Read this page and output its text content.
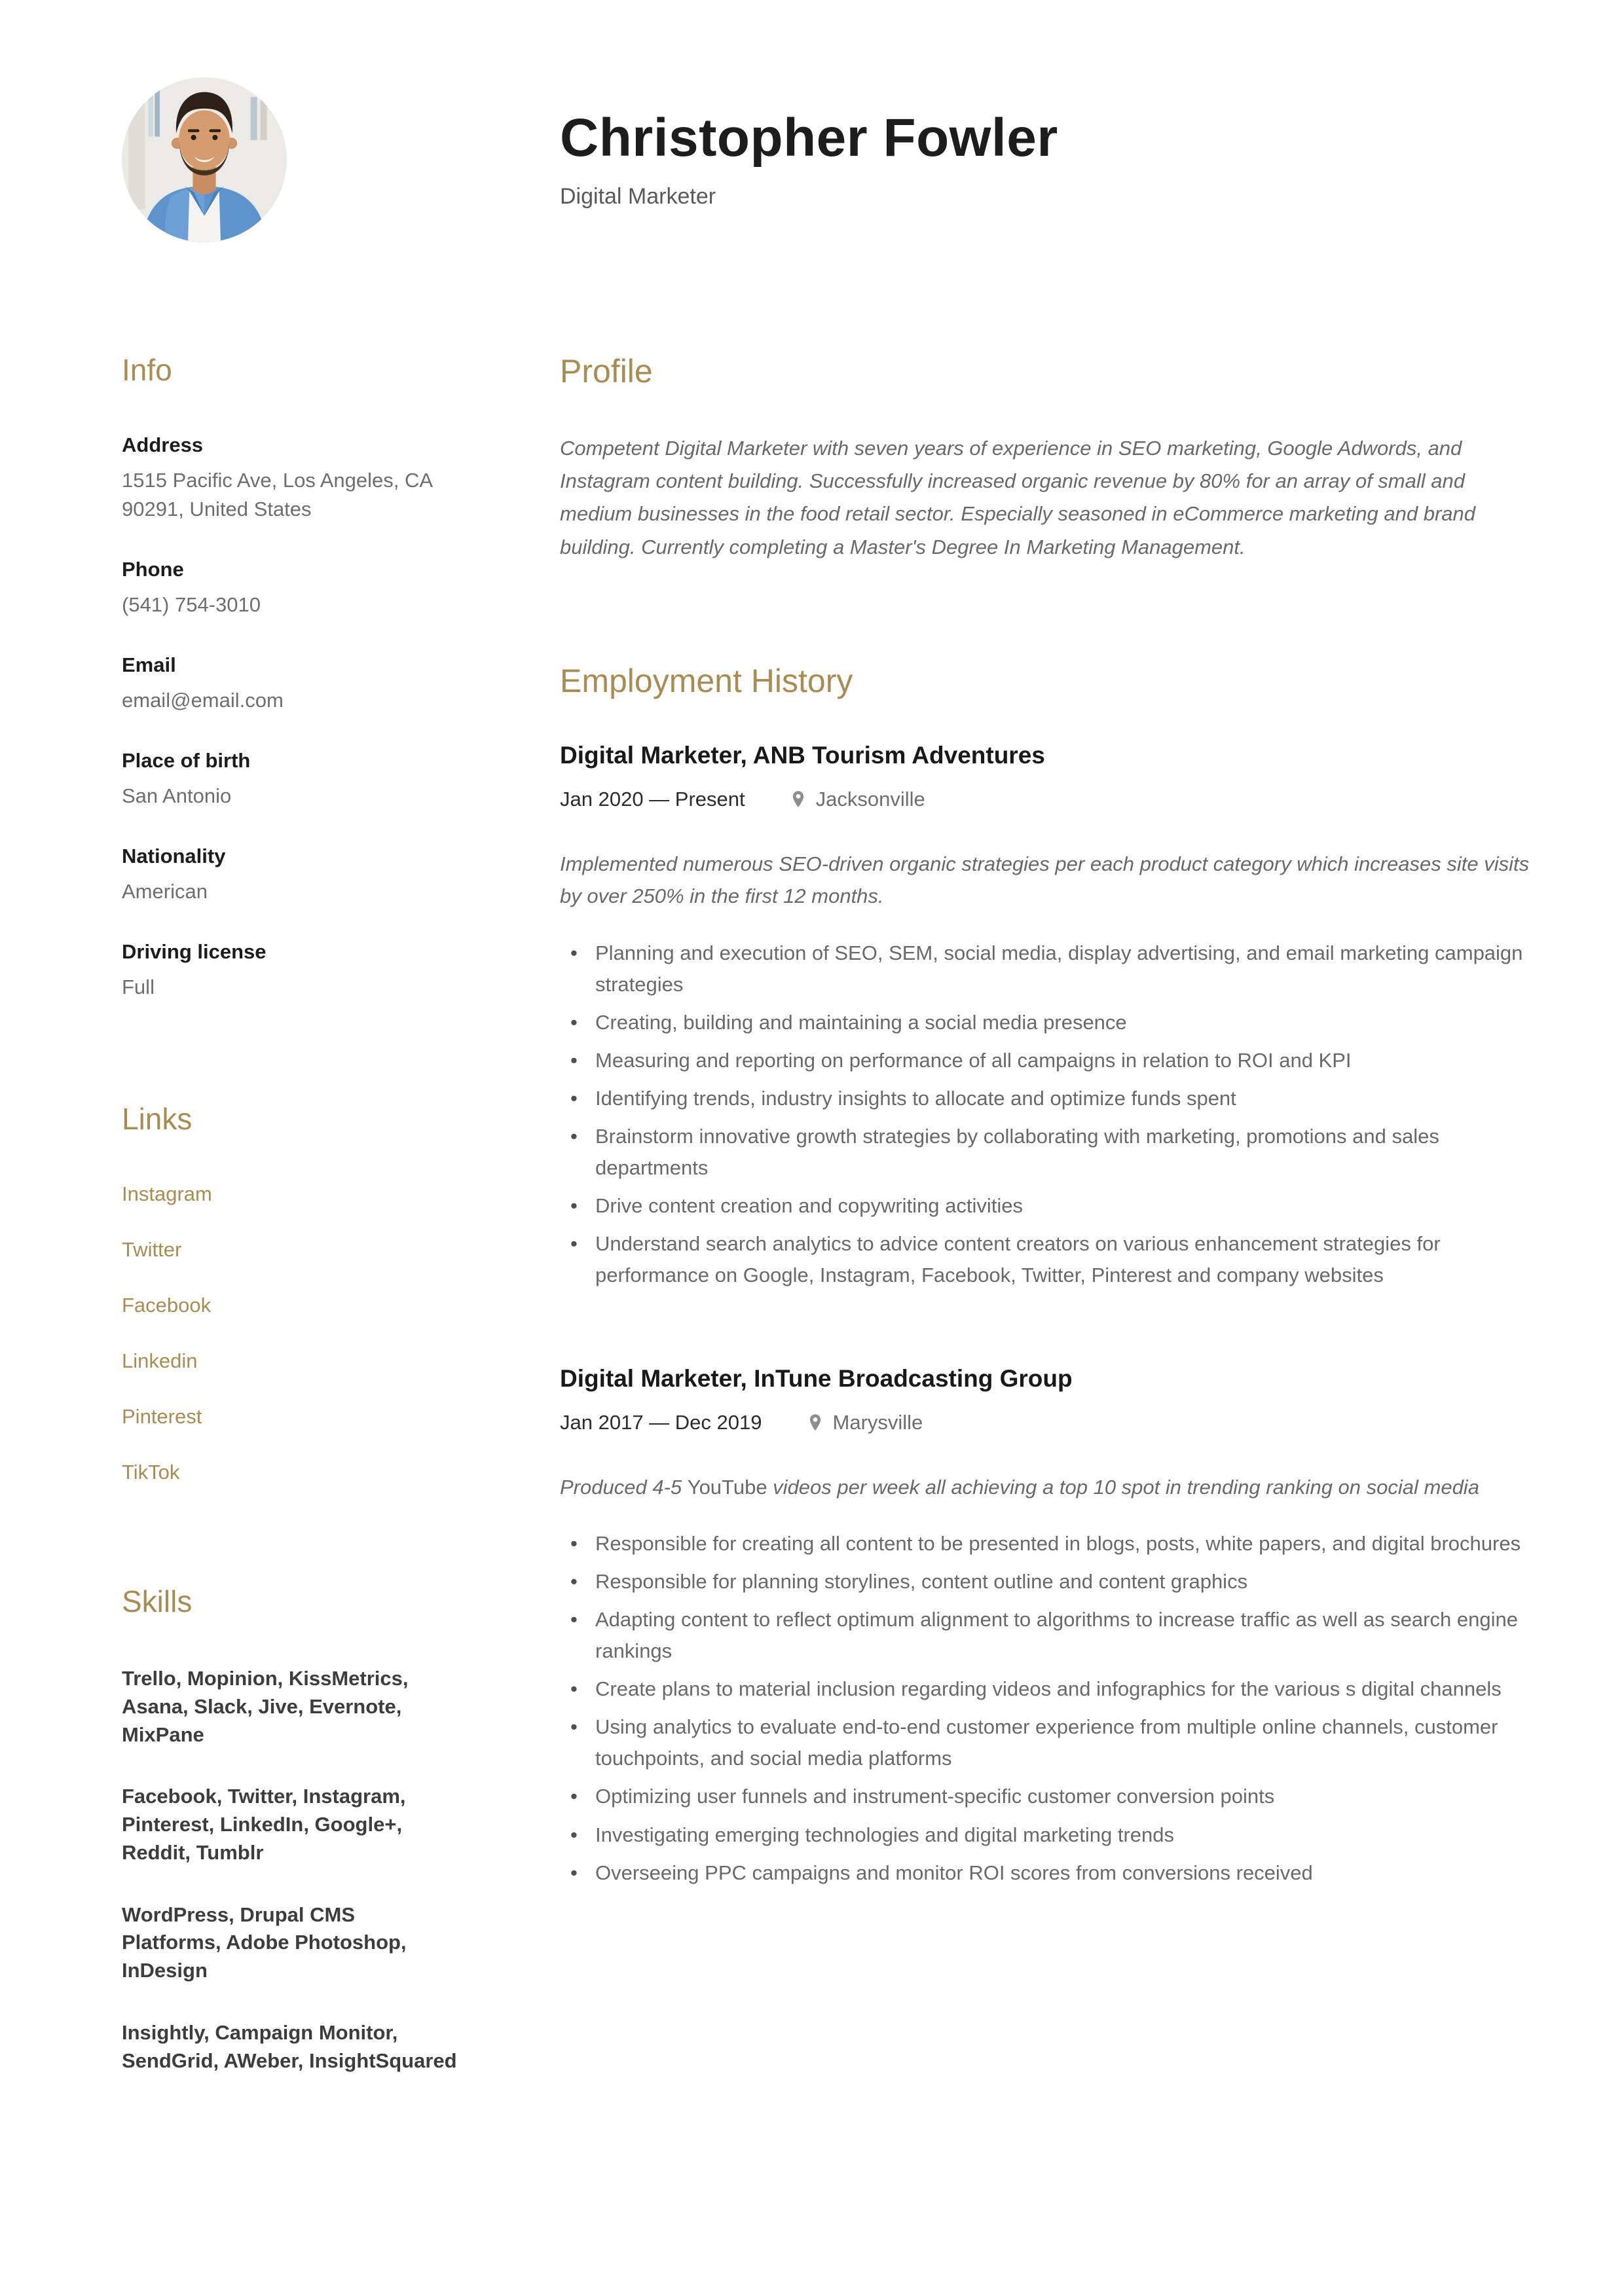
Christopher Fowler
Digital Marketer
Info
Address
1515 Pacific Ave, Los Angeles, CA 90291, United States
Phone
(541) 754-3010
Email
email@email.com
Place of birth
San Antonio
Nationality
American
Driving license
Full
Links
Instagram
Twitter
Facebook
Linkedin
Pinterest
TikTok
Skills
Trello, Mopinion, KissMetrics, Asana, Slack, Jive, Evernote, MixPane
Facebook, Twitter, Instagram, Pinterest, LinkedIn, Google+, Reddit, Tumblr
WordPress, Drupal CMS Platforms, Adobe Photoshop, InDesign
Insightly, Campaign Monitor, SendGrid, AWeber, InsightSquared
Profile
Competent Digital Marketer with seven years of experience in SEO marketing, Google Adwords, and Instagram content building. Successfully increased organic revenue by 80% for an array of small and medium businesses in the food retail sector. Especially seasoned in eCommerce marketing and brand building. Currently completing a Master's Degree In Marketing Management.
Employment History
Digital Marketer, ANB Tourism Adventures
Jan 2020 — Present	Jacksonville
Implemented numerous SEO-driven organic strategies per each product category which increases site visits by over 250% in the first 12 months.
• Planning and execution of SEO, SEM, social media, display advertising, and email marketing campaign strategies
• Creating, building and maintaining a social media presence
• Measuring and reporting on performance of all campaigns in relation to ROI and KPI
• Identifying trends, industry insights to allocate and optimize funds spent
• Brainstorm innovative growth strategies by collaborating with marketing, promotions and sales departments
• Drive content creation and copywriting activities
• Understand search analytics to advice content creators on various enhancement strategies for performance on Google, Instagram, Facebook, Twitter, Pinterest and company websites
Digital Marketer, InTune Broadcasting Group
Jan 2017 — Dec 2019	Marysville
Produced 4-5 YouTube videos per week all achieving a top 10 spot in trending ranking on social media
• Responsible for creating all content to be presented in blogs, posts, white papers, and digital brochures
• Responsible for planning storylines, content outline and content graphics
• Adapting content to reflect optimum alignment to algorithms to increase traffic as well as search engine rankings
• Create plans to material inclusion regarding videos and infographics for the various s digital channels
• Using analytics to evaluate end-to-end customer experience from multiple online channels, customer touchpoints, and social media platforms
• Optimizing user funnels and instrument-specific customer conversion points
• Investigating emerging technologies and digital marketing trends
• Overseeing PPC campaigns and monitor ROI scores from conversions received
